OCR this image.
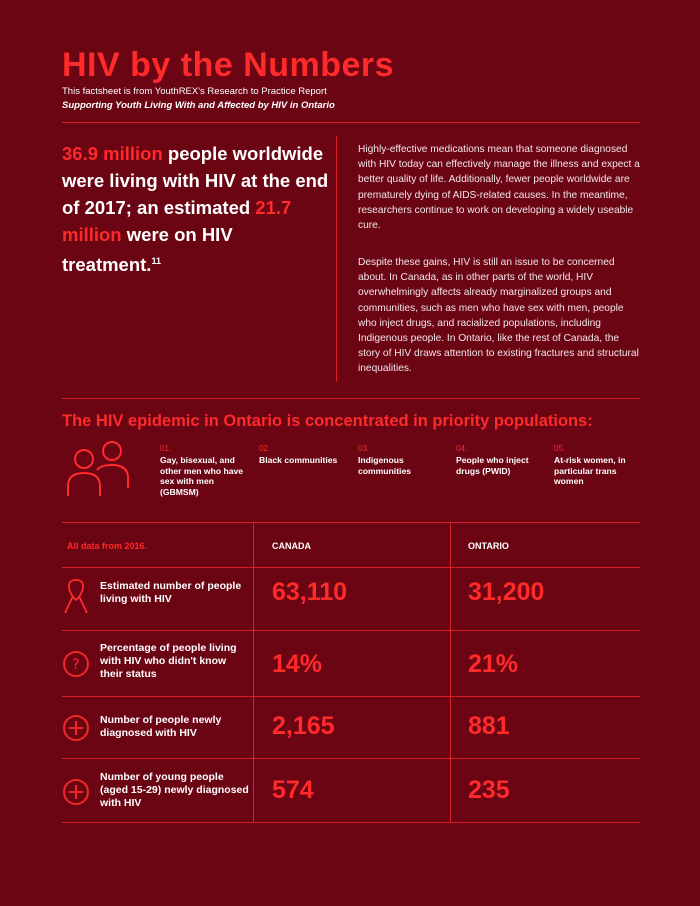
HIV by the Numbers
This factsheet is from YouthREX's Research to Practice Report
Supporting Youth Living With and Affected by HIV in Ontario
36.9 million people worldwide were living with HIV at the end of 2017; an estimated 21.7 million were on HIV treatment.$^{11}$
Highly-effective medications mean that someone diagnosed with HIV today can effectively manage the illness and expect a better quality of life. Additionally, fewer people worldwide are prematurely dying of AIDS-related causes. In the meantime, researchers continue to work on developing a widely useable cure.
Despite these gains, HIV is still an issue to be concerned about. In Canada, as in other parts of the world, HIV overwhelmingly affects already marginalized groups and communities, such as men who have sex with men, people who inject drugs, and racialized populations, including Indigenous people. In Ontario, like the rest of Canada, the story of HIV draws attention to existing fractures and structural inequalities.
The HIV epidemic in Ontario is concentrated in priority populations:
01.
Gay, bisexual, and other men who have sex with men (GBMSM)
02.
Black communities
03.
Indigenous communities
04.
People who inject drugs (PWID)
05.
At-risk women, in particular trans women
All data from 2016.	CANADA	ONTARIO
Estimated number of people living with HIV	63,110	31,200
?
Percentage of people living with HIV who didn't know their status	14%	21%
Number of people newly diagnosed with HIV	2,165	881
Number of young people (aged 15-29) newly diagnosed with HIV	574	235
